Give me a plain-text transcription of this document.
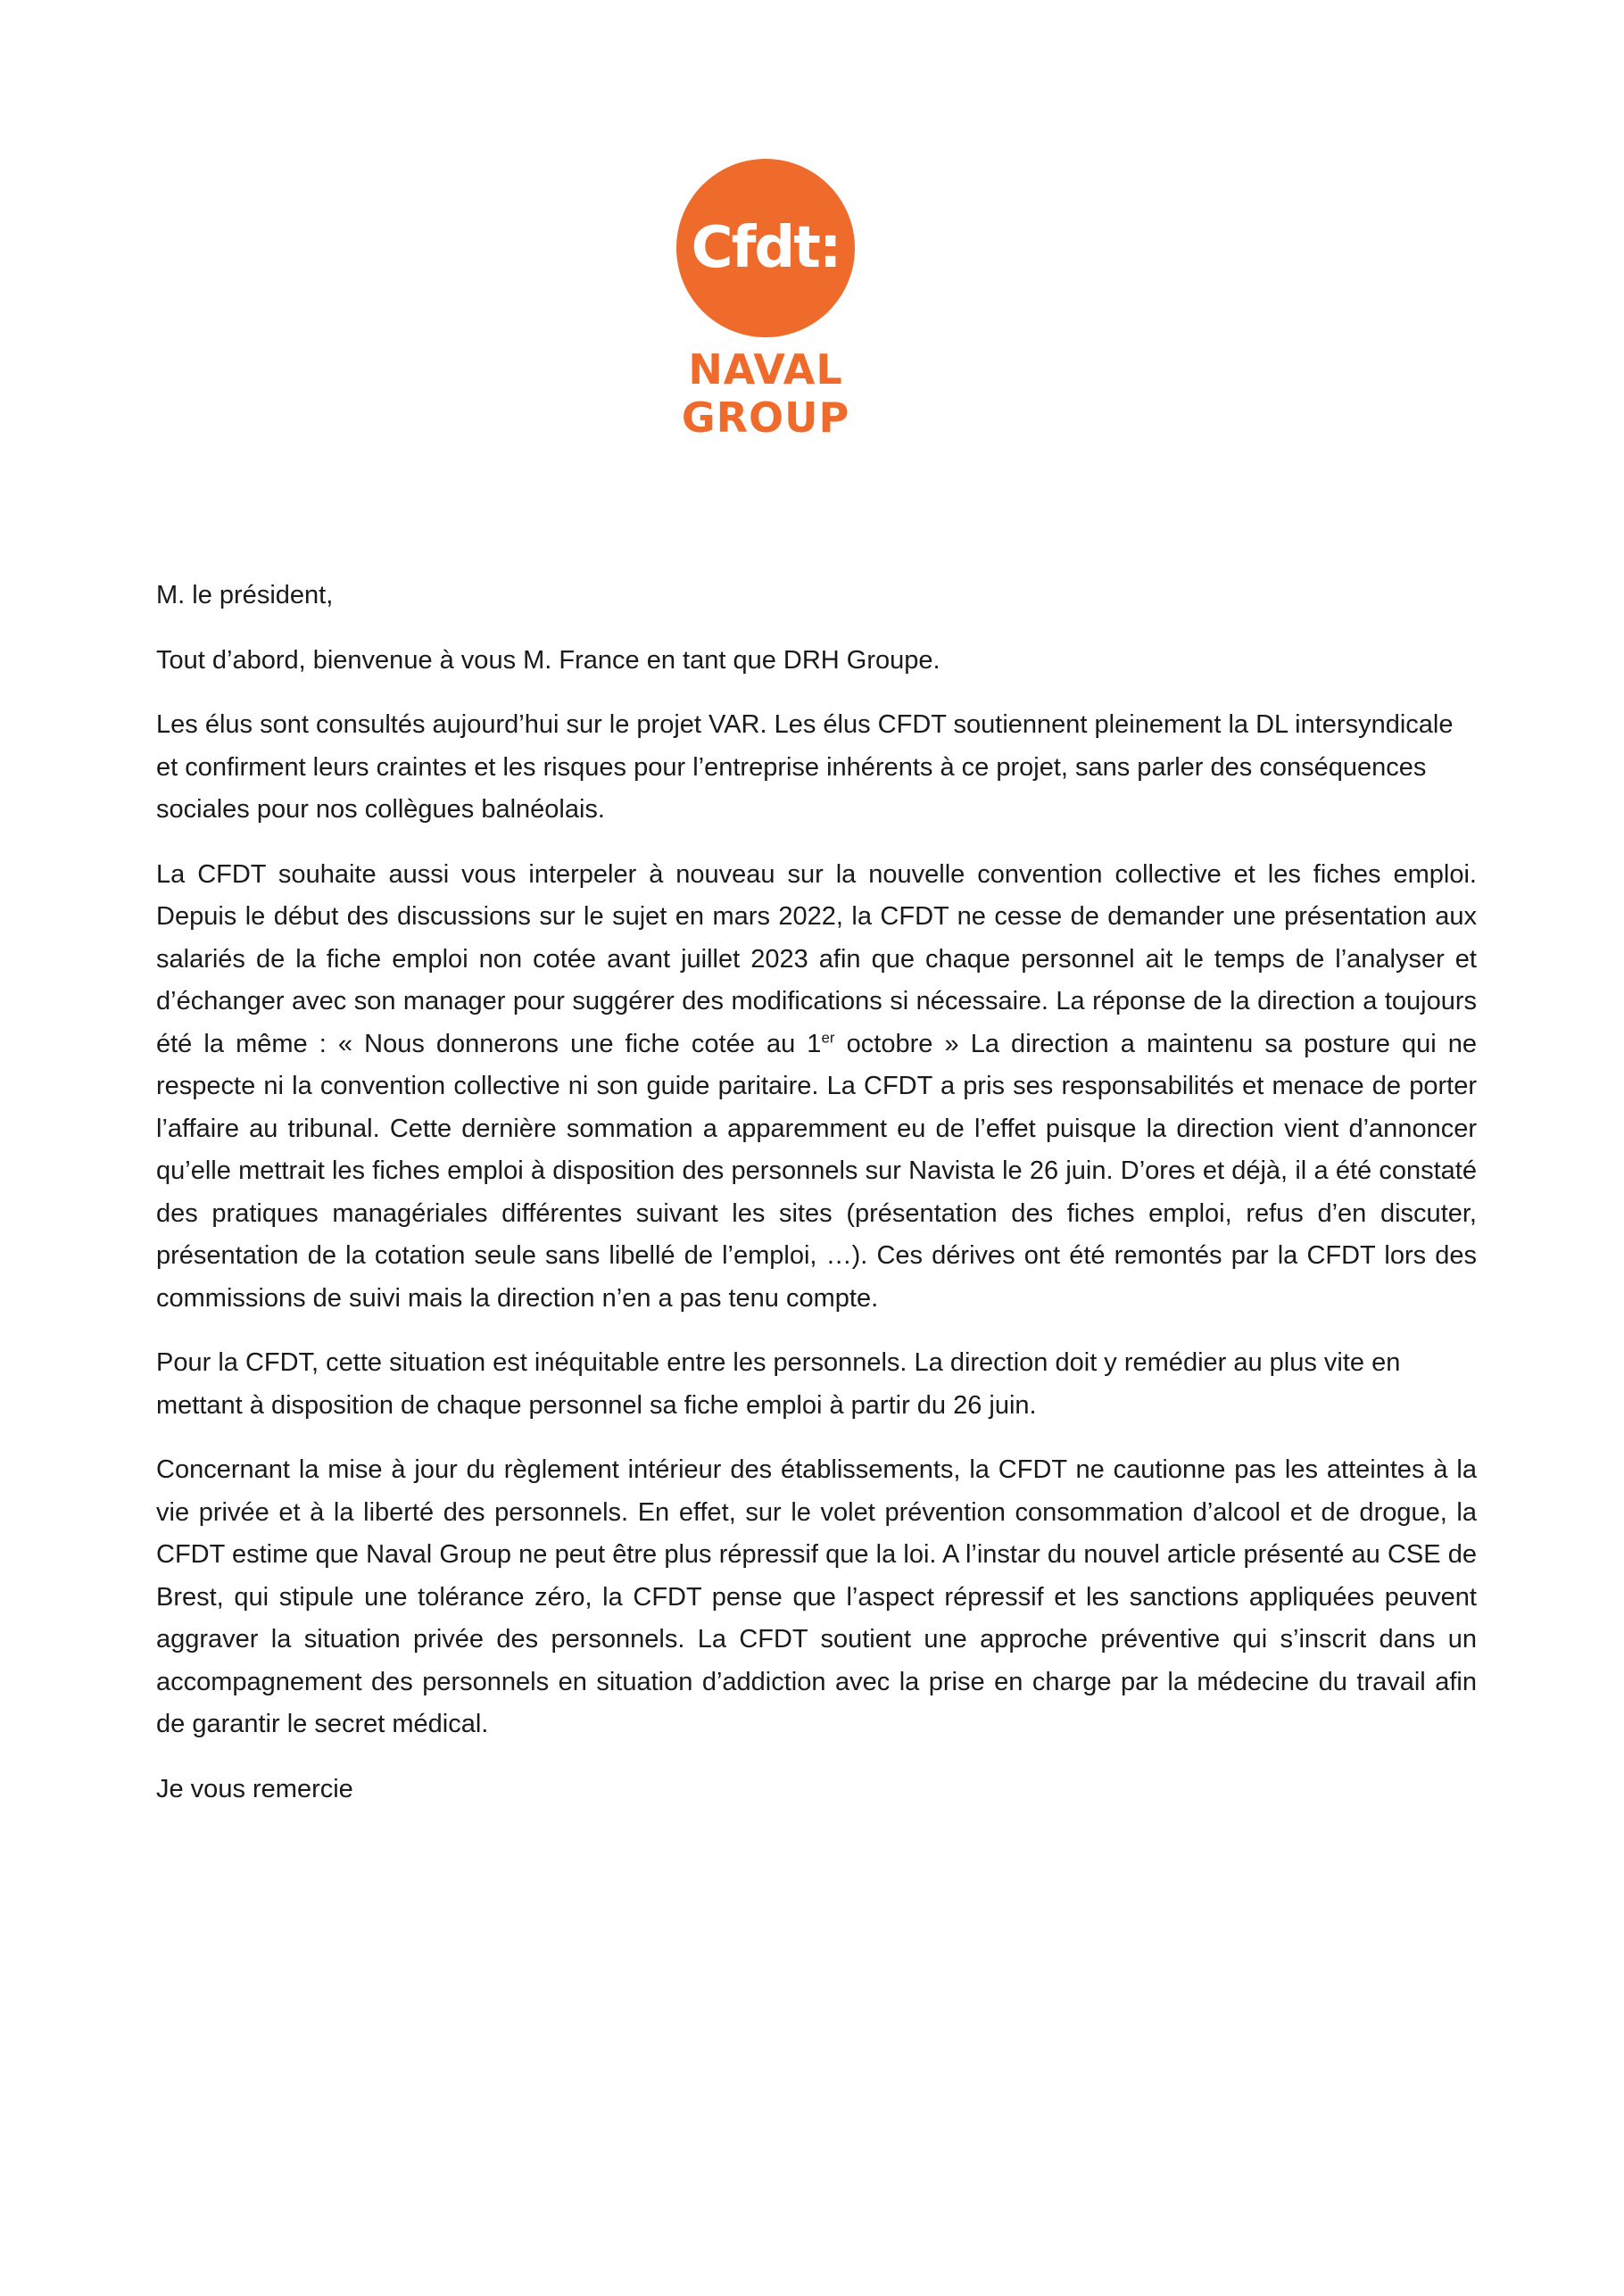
Cfdt:
NAVAL
GROUP

M. le président,

Tout d’abord, bienvenue à vous M. France en tant que DRH Groupe.

Les élus sont consultés aujourd’hui sur le projet VAR. Les élus CFDT soutiennent pleinement la DL intersyndicale et confirment leurs craintes et les risques pour l’entreprise inhérents à ce projet, sans parler des conséquences sociales pour nos collègues balnéolais.

La CFDT souhaite aussi vous interpeler à nouveau sur la nouvelle convention collective et les fiches emploi. Depuis le début des discussions sur le sujet en mars 2022, la CFDT ne cesse de demander une présentation aux salariés de la fiche emploi non cotée avant juillet 2023 afin que chaque personnel ait le temps de l’analyser et d’échanger avec son manager pour suggérer des modifications si nécessaire. La réponse de la direction a toujours été la même : « Nous donnerons une fiche cotée au 1er octobre » La direction a maintenu sa posture qui ne respecte ni la convention collective ni son guide paritaire. La CFDT a pris ses responsabilités et menace de porter l’affaire au tribunal. Cette dernière sommation a apparemment eu de l’effet puisque la direction vient d’annoncer qu’elle mettrait les fiches emploi à disposition des personnels sur Navista le 26 juin. D’ores et déjà, il a été constaté des pratiques managériales différentes suivant les sites (présentation des fiches emploi, refus d’en discuter, présentation de la cotation seule sans libellé de l’emploi, …). Ces dérives ont été remontés par la CFDT lors des commissions de suivi mais la direction n’en a pas tenu compte.

Pour la CFDT, cette situation est inéquitable entre les personnels. La direction doit y remédier au plus vite en mettant à disposition de chaque personnel sa fiche emploi à partir du 26 juin.

Concernant la mise à jour du règlement intérieur des établissements, la CFDT ne cautionne pas les atteintes à la vie privée et à la liberté des personnels. En effet, sur le volet prévention consommation d’alcool et de drogue, la CFDT estime que Naval Group ne peut être plus répressif que la loi. A l’instar du nouvel article présenté au CSE de Brest, qui stipule une tolérance zéro, la CFDT pense que l’aspect répressif et les sanctions appliquées peuvent aggraver la situation privée des personnels. La CFDT soutient une approche préventive qui s’inscrit dans un accompagnement des personnels en situation d’addiction avec la prise en charge par la médecine du travail afin de garantir le secret médical.

Je vous remercie
